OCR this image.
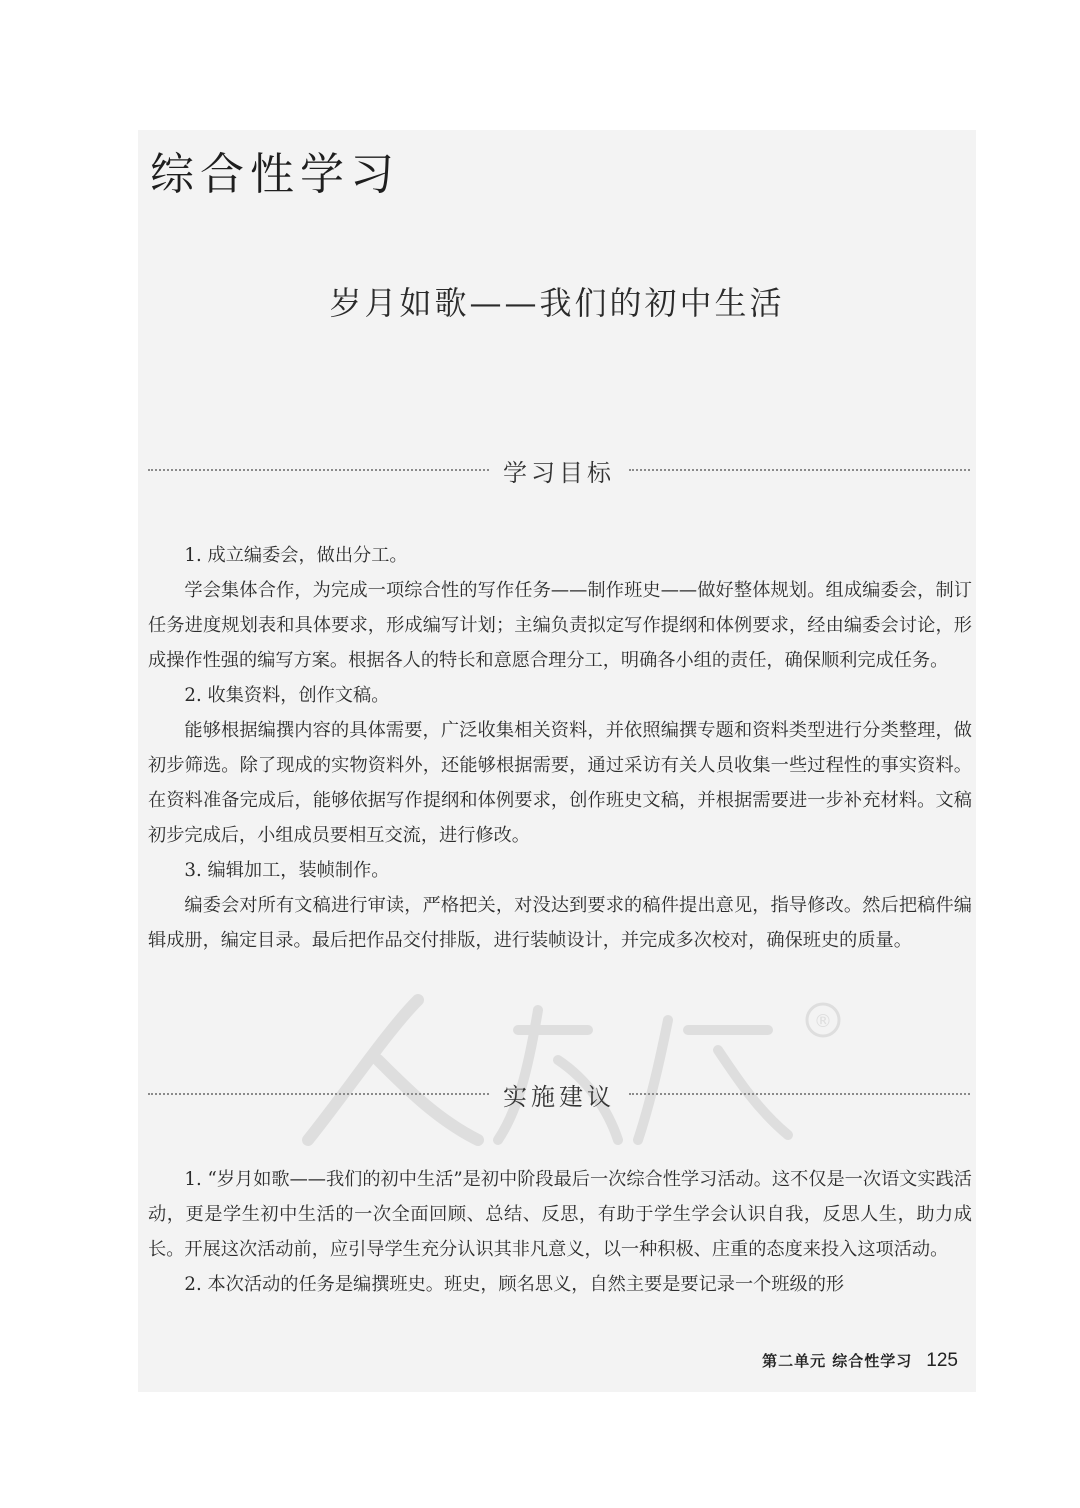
综合性学习
岁月如歌——我们的初中生活
学习目标

1. 成立编委会，做出分工。

学会集体合作，为完成一项综合性的写作任务——制作班史——做好整体规划。组成编委会，制订任务进度规划表和具体要求，形成编写计划；主编负责拟定写作提纲和体例要求，经由编委会讨论，形成操作性强的编写方案。根据各人的特长和意愿合理分工，明确各小组的责任，确保顺利完成任务。

2. 收集资料，创作文稿。

能够根据编撰内容的具体需要，广泛收集相关资料，并依照编撰专题和资料类型进行分类整理，做初步筛选。除了现成的实物资料外，还能够根据需要，通过采访有关人员收集一些过程性的事实资料。在资料准备完成后，能够依据写作提纲和体例要求，创作班史文稿，并根据需要进一步补充材料。文稿初步完成后，小组成员要相互交流，进行修改。

3. 编辑加工，装帧制作。

编委会对所有文稿进行审读，严格把关，对没达到要求的稿件提出意见，指导修改。然后把稿件编辑成册，编定目录。最后把作品交付排版，进行装帧设计，并完成多次校对，确保班史的质量。

®
实施建议

1. “岁月如歌——我们的初中生活”是初中阶段最后一次综合性学习活动。这不仅是一次语文实践活动，更是学生初中生活的一次全面回顾、总结、反思，有助于学生学会认识自我，反思人生，助力成长。开展这次活动前，应引导学生充分认识其非凡意义，以一种积极、庄重的态度来投入这项活动。

2. 本次活动的任务是编撰班史。班史，顾名思义，自然主要是要记录一个班级的形

第二单元 综合性学习 125
